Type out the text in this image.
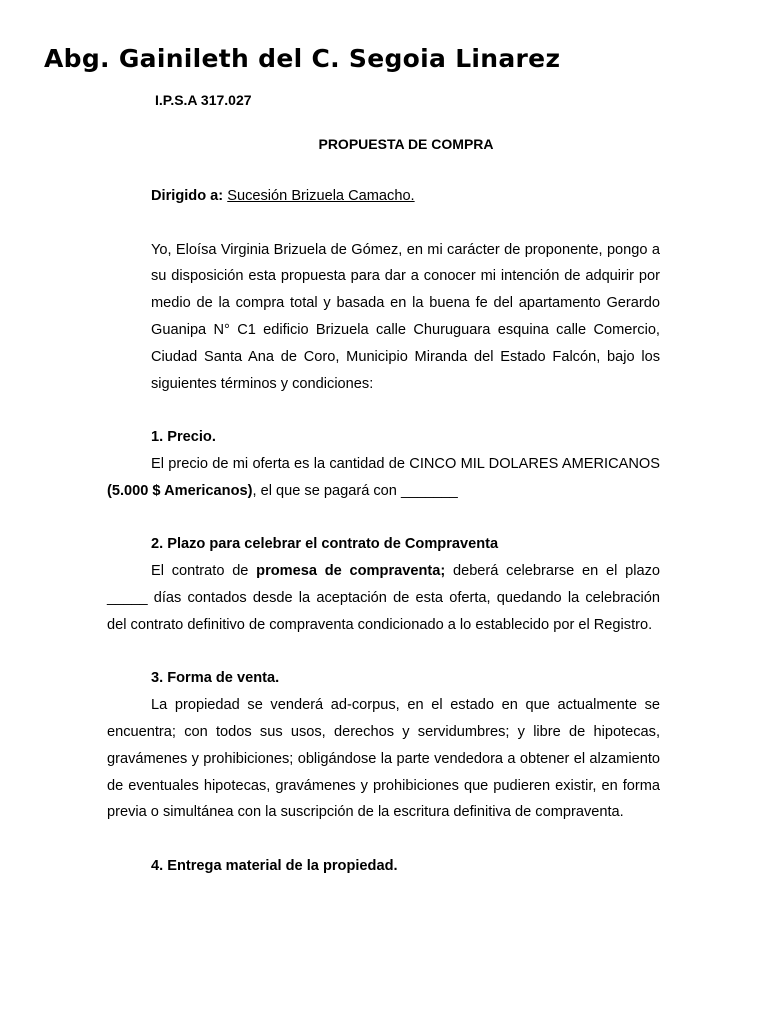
Abg. Gainileth del C. Segoia Linarez
I.P.S.A 317.027
PROPUESTA DE COMPRA

Dirigido a: Sucesión Brizuela Camacho.

Yo, Eloísa Virginia Brizuela de Gómez, en mi carácter de proponente, pongo a su disposición esta propuesta para dar a conocer mi intención de adquirir por medio de la compra total y basada en la buena fe del apartamento Gerardo Guanipa N° C1 edificio Brizuela calle Churuguara esquina calle Comercio, Ciudad Santa Ana de Coro, Municipio Miranda del Estado Falcón, bajo los siguientes términos y condiciones:

1. Precio.

El precio de mi oferta es la cantidad de CINCO MIL DOLARES AMERICANOS (5.000 $ Americanos), el que se pagará con _______

2. Plazo para celebrar el contrato de Compraventa

El contrato de promesa de compraventa; deberá celebrarse en el plazo _____ días contados desde la aceptación de esta oferta, quedando la celebración del contrato definitivo de compraventa condicionado a lo establecido por el Registro.

3. Forma de venta.

La propiedad se venderá ad-corpus, en el estado en que actualmente se encuentra; con todos sus usos, derechos y servidumbres; y libre de hipotecas, gravámenes y prohibiciones; obligándose la parte vendedora a obtener el alzamiento de eventuales hipotecas, gravámenes y prohibiciones que pudieren existir, en forma previa o simultánea con la suscripción de la escritura definitiva de compraventa.

4. Entrega material de la propiedad.
